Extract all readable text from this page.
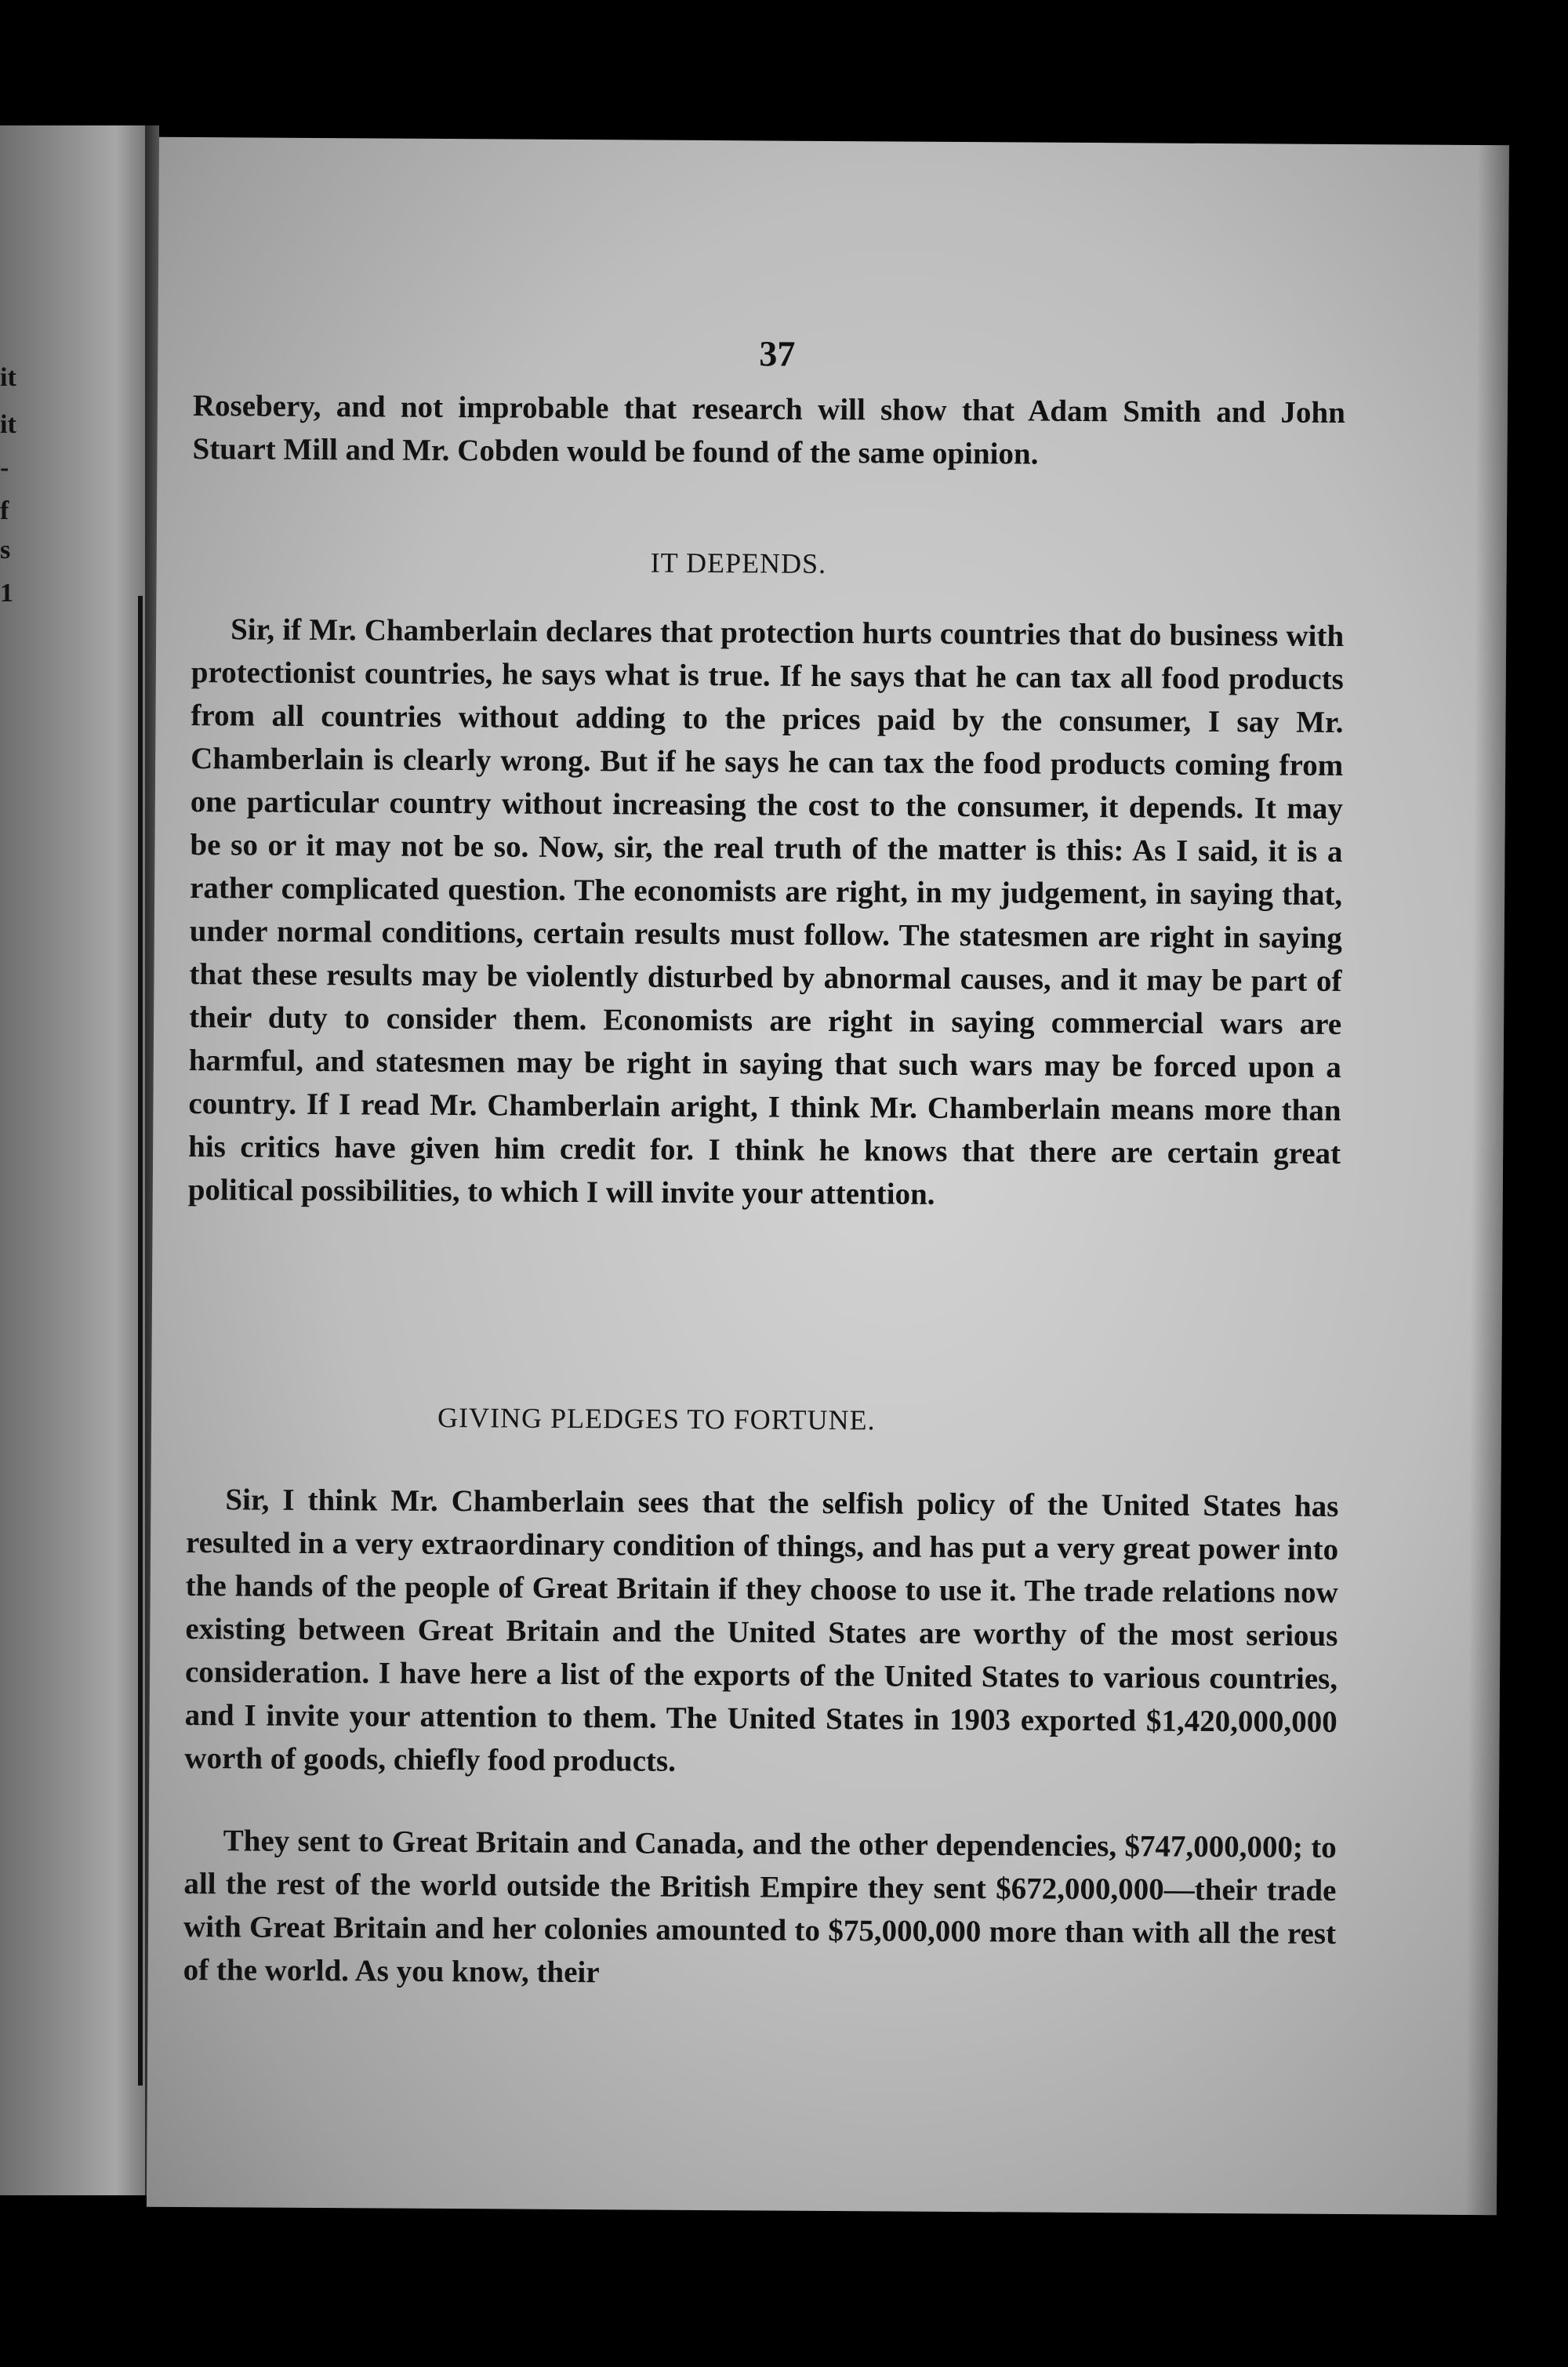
it
it
-
f
s
1
37

Rosebery, and not improbable that research will show that Adam Smith and John Stuart Mill and Mr. Cobden would be found of the same opinion.

IT DEPENDS.

Sir, if Mr. Chamberlain declares that protection hurts countries that do business with protectionist countries, he says what is true. If he says that he can tax all food products from all countries without adding to the prices paid by the consumer, I say Mr. Chamberlain is clearly wrong. But if he says he can tax the food products coming from one particular country without increasing the cost to the consumer, it depends. It may be so or it may not be so. Now, sir, the real truth of the matter is this: As I said, it is a rather complicated question. The economists are right, in my judgement, in saying that, under normal conditions, certain results must follow. The statesmen are right in saying that these results may be violently disturbed by abnormal causes, and it may be part of their duty to consider them. Economists are right in saying commercial wars are harmful, and statesmen may be right in saying that such wars may be forced upon a country. If I read Mr. Chamberlain aright, I think Mr. Chamberlain means more than his critics have given him credit for. I think he knows that there are certain great political possibilities, to which I will invite your attention.

GIVING PLEDGES TO FORTUNE.

Sir, I think Mr. Chamberlain sees that the selfish policy of the United States has resulted in a very extraordinary condition of things, and has put a very great power into the hands of the people of Great Britain if they choose to use it. The trade relations now existing between Great Britain and the United States are worthy of the most serious consideration. I have here a list of the exports of the United States to various countries, and I invite your attention to them. The United States in 1903 exported $1,420,000,000 worth of goods, chiefly food products.

They sent to Great Britain and Canada, and the other dependencies, $747,000,000; to all the rest of the world outside the British Empire they sent $672,000,000—their trade with Great Britain and her colonies amounted to $75,000,000 more than with all the rest of the world. As you know, their
